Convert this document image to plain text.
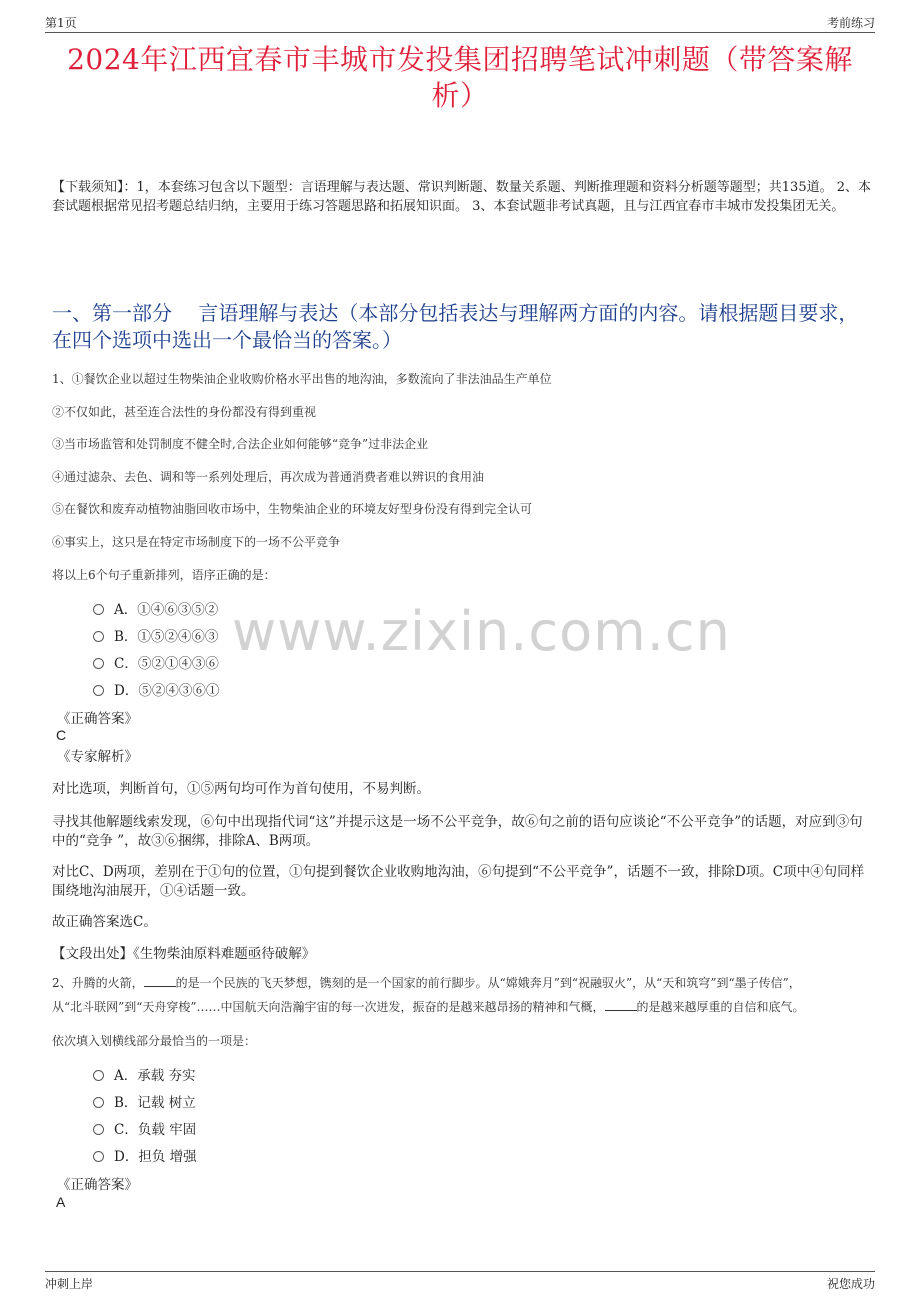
第1页	考前练习
2024年江西宜春市丰城市发投集团招聘笔试冲刺题（带答案解析）
【下载须知】：1，本套练习包含以下题型：言语理解与表达题、常识判断题、数量关系题、判断推理题和资料分析题等题型；共135道。 2、本套试题根据常见招考题总结归纳，主要用于练习答题思路和拓展知识面。 3、本套试题非考试真题，且与江西宜春市丰城市发投集团无关。
一、第一部分　 言语理解与表达（本部分包括表达与理解两方面的内容。请根据题目要求，在四个选项中选出一个最恰当的答案。）
1、①餐饮企业以超过生物柴油企业收购价格水平出售的地沟油，多数流向了非法油品生产单位
②不仅如此，甚至连合法性的身份都没有得到重视
③当市场监管和处罚制度不健全时,合法企业如何能够“竞争”过非法企业
④通过滤杂、去色、调和等一系列处理后，再次成为普通消费者难以辨识的食用油
⑤在餐饮和废弃动植物油脂回收市场中，生物柴油企业的环境友好型身份没有得到完全认可
⑥事实上，这只是在特定市场制度下的一场不公平竞争
将以上6个句子重新排列，语序正确的是：
A．①④⑥③⑤②
B．①⑤②④⑥③
C．⑤②①④③⑥
D．⑤②④③⑥①
www.zixin.com.cn
《正确答案》
C
《专家解析》
对比选项，判断首句，①⑤两句均可作为首句使用，不易判断。
寻找其他解题线索发现，⑥句中出现指代词“这”并提示这是一场不公平竞争，故⑥句之前的语句应谈论“不公平竞争”的话题，对应到③句中的“竞争 ”，故③⑥捆绑，排除A、B两项。
对比C、D两项，差别在于①句的位置，①句提到餐饮企业收购地沟油，⑥句提到“不公平竞争”，话题不一致，排除D项。C项中④句同样围绕地沟油展开，①④话题一致。
故正确答案选C。
【文段出处】《生物柴油原料难题亟待破解》
2、升腾的火箭，	的是一个民族的飞天梦想，镌刻的是一个国家的前行脚步。从“嫦娥奔月”到“祝融驭火”，从“天和筑穹”到“墨子传信”，
从“北斗联网”到“天舟穿梭”……中国航天向浩瀚宇宙的每一次迸发，振奋的是越来越昂扬的精神和气概，	的是越来越厚重的自信和底气。
依次填入划横线部分最恰当的一项是：
A．承载 夯实
B．记载 树立
C．负载 牢固
D．担负 增强
《正确答案》
A
冲刺上岸	祝您成功
